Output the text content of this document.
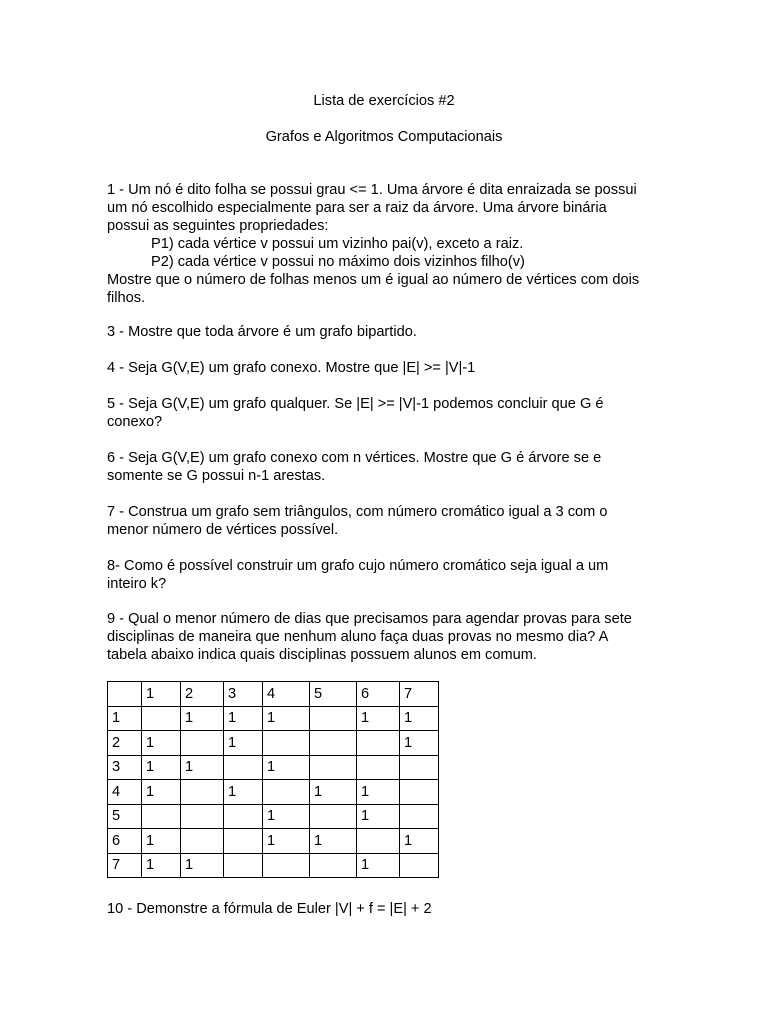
Lista de exercícios #2
Grafos e Algoritmos Computacionais
1 - Um nó é dito folha se possui grau <= 1. Uma árvore é dita enraizada se possui
um nó escolhido especialmente para ser a raiz da árvore. Uma árvore binária
possui as seguintes propriedades:
P1) cada vértice v possui um vizinho pai(v), exceto a raiz.
P2) cada vértice v possui no máximo dois vizinhos filho(v)
Mostre que o número de folhas menos um é igual ao número de vértices com dois
filhos.
3 - Mostre que toda árvore é um grafo bipartido.
4 - Seja G(V,E) um grafo conexo. Mostre que |E| >= |V|-1
5 - Seja G(V,E) um grafo qualquer. Se |E| >= |V|-1 podemos concluir que G é
conexo?
6 - Seja G(V,E) um grafo conexo com n vértices. Mostre que G é árvore se e
somente se G possui n-1 arestas.
7 - Construa um grafo sem triângulos, com número cromático igual a 3 com o
menor número de vértices possível.
8- Como é possível construir um grafo cujo número cromático seja igual a um
inteiro k?
9 - Qual o menor número de dias que precisamos para agendar provas para sete
disciplinas de maneira que nenhum aluno faça duas provas no mesmo dia? A
tabela abaixo indica quais disciplinas possuem alunos em comum.
	1	2	3	4	5	6	7
1		1	1	1		1	1
2	1		1				1
3	1	1		1			
4	1		1		1	1	
5				1		1	
6	1			1	1		1
7	1	1				1	
10 - Demonstre a fórmula de Euler |V| + f = |E| + 2
